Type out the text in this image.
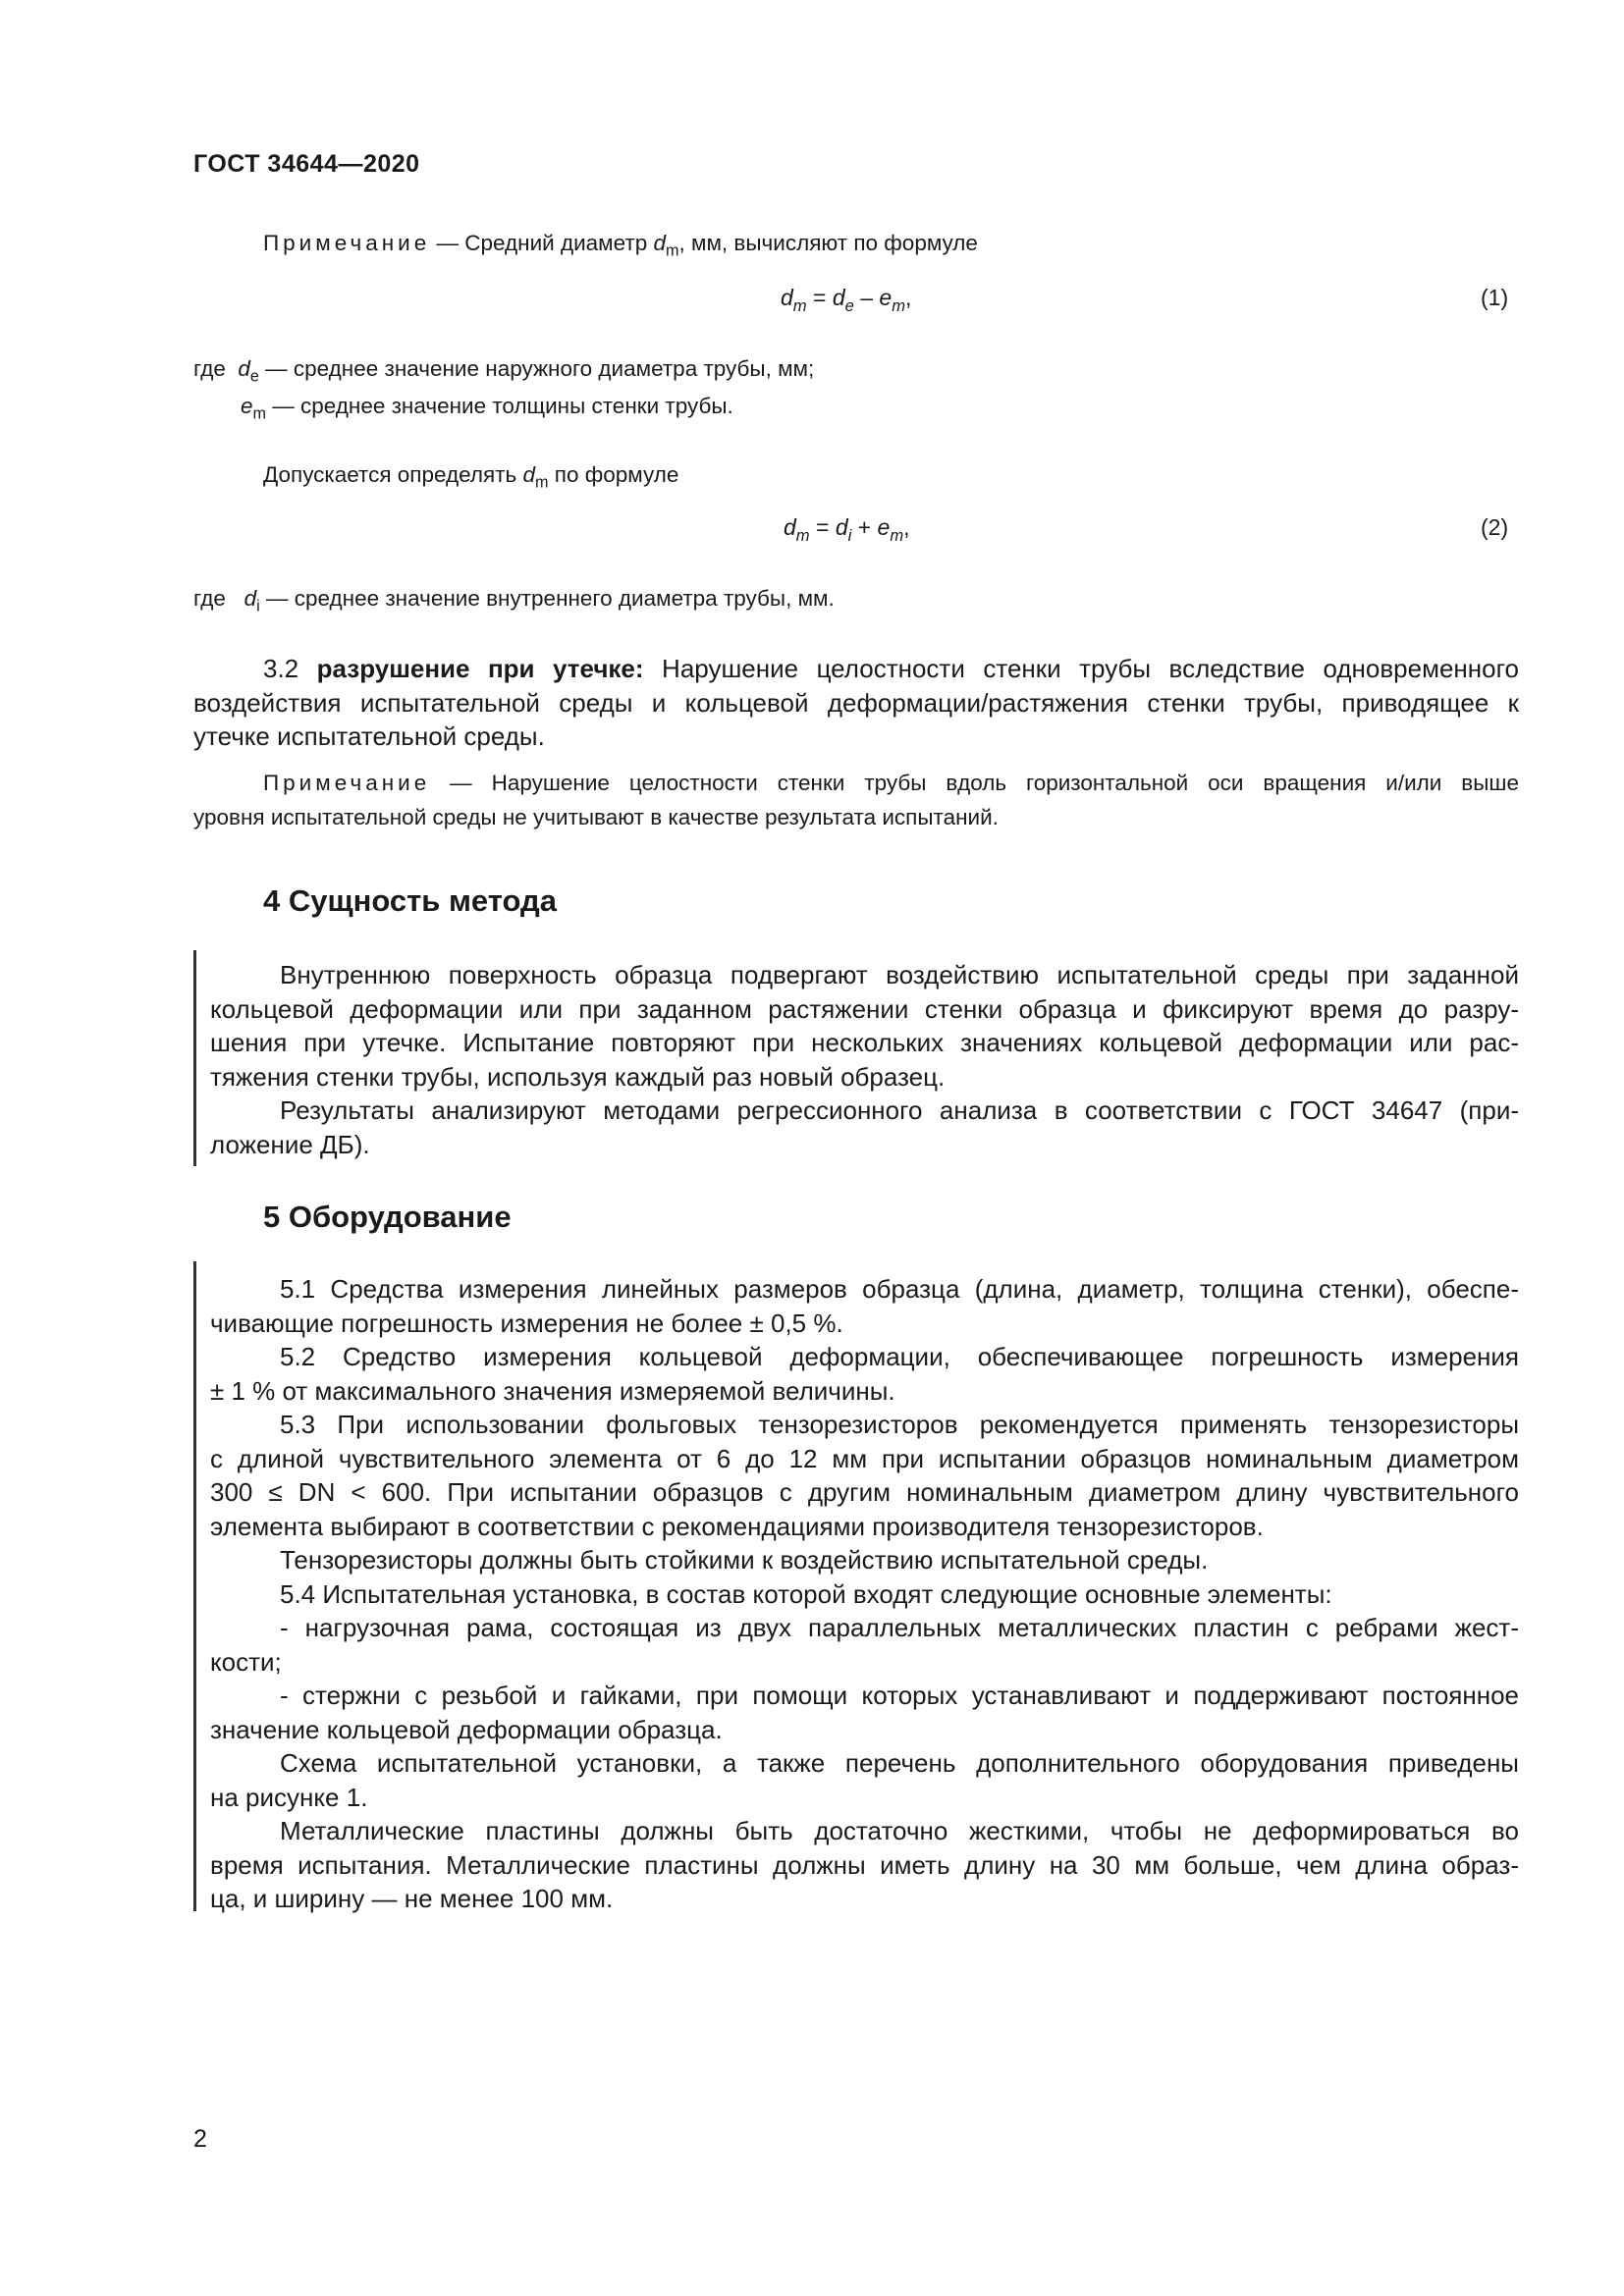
ГОСТ 34644—2020
Примечание — Средний диаметр $d_m$, мм, вычисляют по формуле
$d_m = d_e - e_m$,	(1)
где $d_e$ — среднее значение наружного диаметра трубы, мм;
$e_m$ — среднее значение толщины стенки трубы.
Допускается определять $d_m$ по формуле
$d_m = d_i + e_m$,	(2)
где $d_i$ — среднее значение внутреннего диаметра трубы, мм.
3.2 разрушение при утечке: Нарушение целостности стенки трубы вследствие одновременного
воздействия испытательной среды и кольцевой деформации/растяжения стенки трубы, приводящее к
утечке испытательной среды.
Примечание — Нарушение целостности стенки трубы вдоль горизонтальной оси вращения и/или выше
уровня испытательной среды не учитывают в качестве результата испытаний.
4 Сущность метода
Внутреннюю поверхность образца подвергают воздействию испытательной среды при заданной
кольцевой деформации или при заданном растяжении стенки образца и фиксируют время до разру-
шения при утечке. Испытание повторяют при нескольких значениях кольцевой деформации или рас-
тяжения стенки трубы, используя каждый раз новый образец.
Результаты анализируют методами регрессионного анализа в соответствии с ГОСТ 34647 (при-
ложение ДБ).
5 Оборудование
5.1 Средства измерения линейных размеров образца (длина, диаметр, толщина стенки), обеспе-
чивающие погрешность измерения не более ± 0,5 %.
5.2 Средство измерения кольцевой деформации, обеспечивающее погрешность измерения
± 1 % от максимального значения измеряемой величины.
5.3 При использовании фольговых тензорезисторов рекомендуется применять тензорезисторы
с длиной чувствительного элемента от 6 до 12 мм при испытании образцов номинальным диаметром
300 ≤ DN < 600. При испытании образцов с другим номинальным диаметром длину чувствительного
элемента выбирают в соответствии с рекомендациями производителя тензорезисторов.
Тензорезисторы должны быть стойкими к воздействию испытательной среды.
5.4 Испытательная установка, в состав которой входят следующие основные элементы:
- нагрузочная рама, состоящая из двух параллельных металлических пластин с ребрами жест-
кости;
- стержни с резьбой и гайками, при помощи которых устанавливают и поддерживают постоянное
значение кольцевой деформации образца.
Схема испытательной установки, а также перечень дополнительного оборудования приведены
на рисунке 1.
Металлические пластины должны быть достаточно жесткими, чтобы не деформироваться во
время испытания. Металлические пластины должны иметь длину на 30 мм больше, чем длина образ-
ца, и ширину — не менее 100 мм.
2
